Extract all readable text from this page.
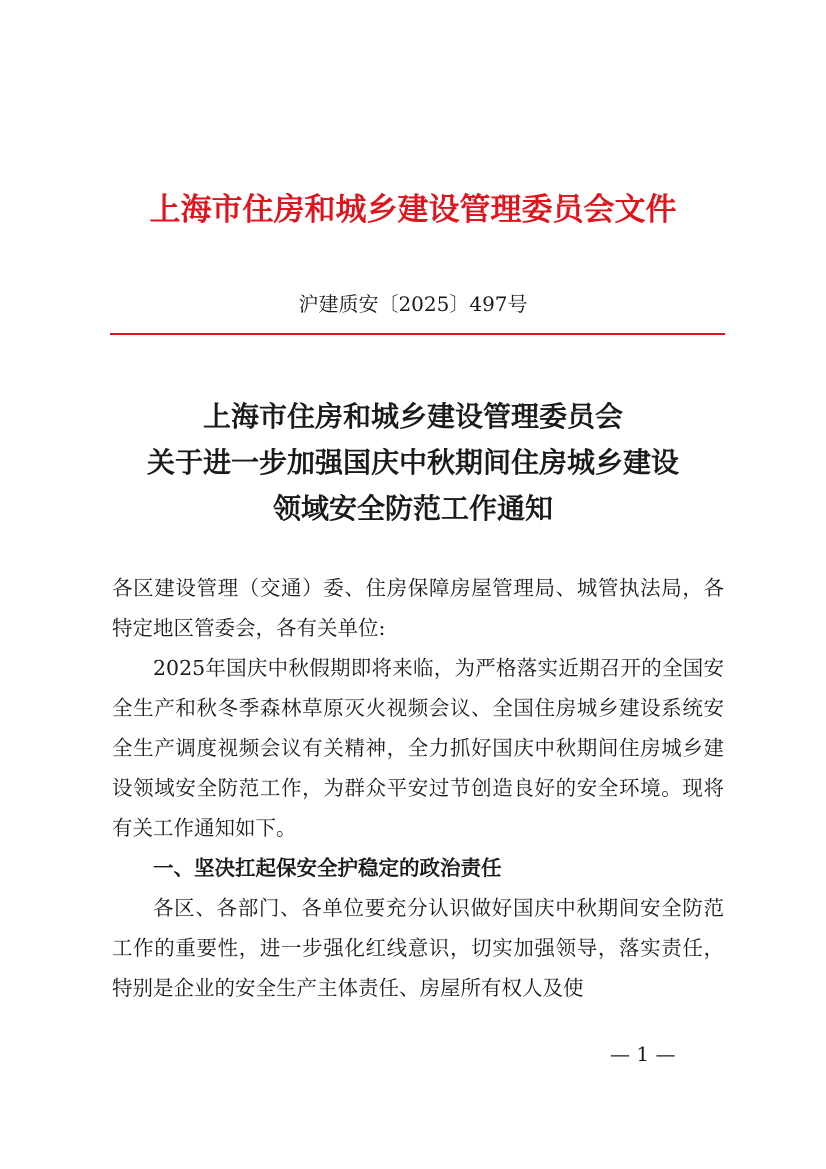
上海市住房和城乡建设管理委员会文件
沪建质安〔2025〕497号
上海市住房和城乡建设管理委员会
关于进一步加强国庆中秋期间住房城乡建设
领域安全防范工作通知

各区建设管理（交通）委、住房保障房屋管理局、城管执法局，各特定地区管委会，各有关单位:

2025年国庆中秋假期即将来临，为严格落实近期召开的全国安全生产和秋冬季森林草原灭火视频会议、全国住房城乡建设系统安全生产调度视频会议有关精神，全力抓好国庆中秋期间住房城乡建设领域安全防范工作，为群众平安过节创造良好的安全环境。现将有关工作通知如下。

一、坚决扛起保安全护稳定的政治责任

各区、各部门、各单位要充分认识做好国庆中秋期间安全防范工作的重要性，进一步强化红线意识，切实加强领导，落实责任，特别是企业的安全生产主体责任、房屋所有权人及使

— 1 —
